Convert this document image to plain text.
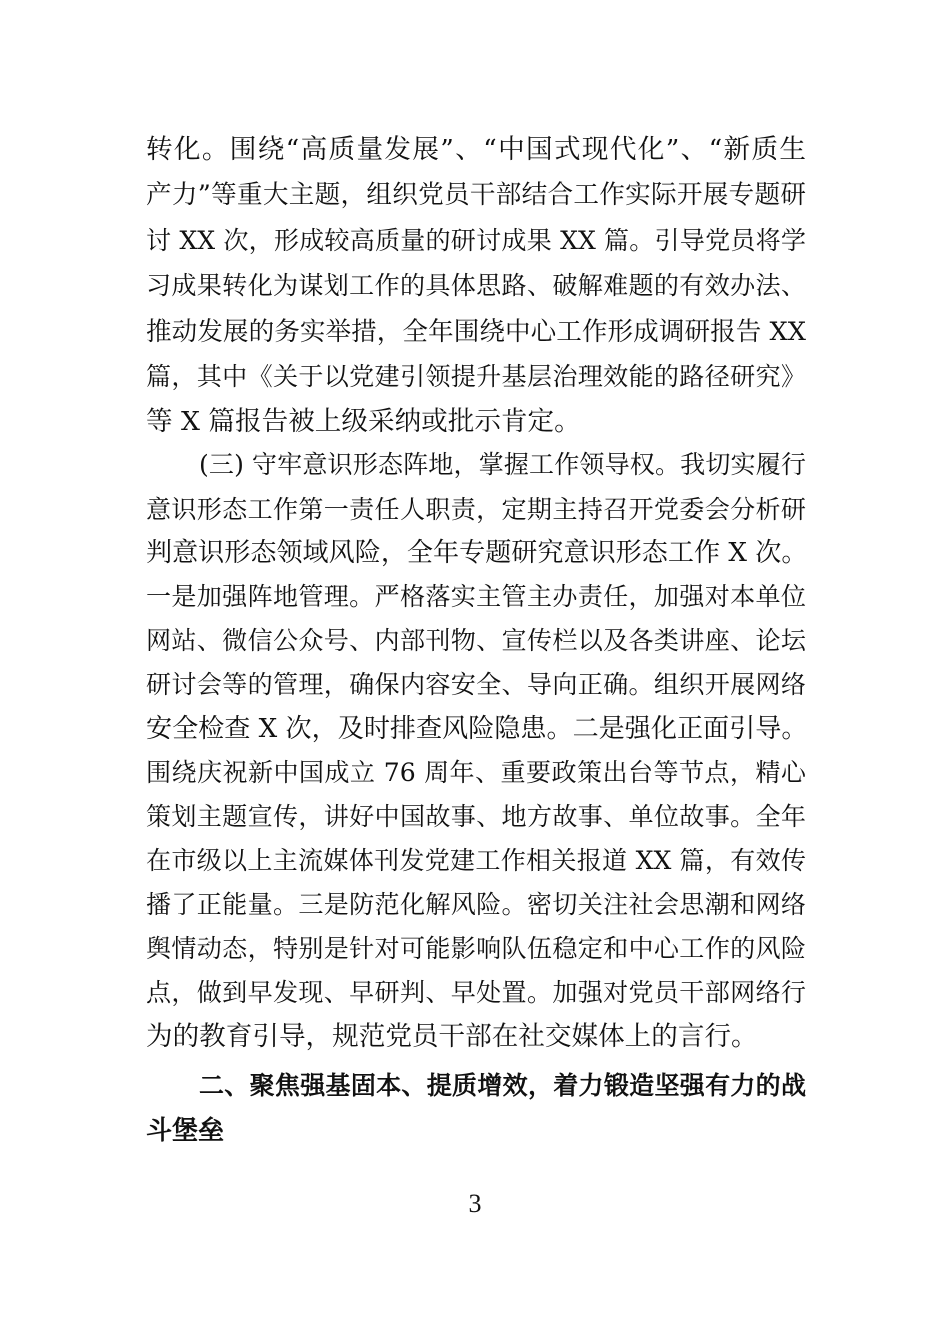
转化。围绕“高质量发展”、“中国式现代化”、“新质生
产力”等重大主题，组织党员干部结合工作实际开展专题研
讨 XX 次，形成较高质量的研讨成果 XX 篇。引导党员将学
习成果转化为谋划工作的具体思路、破解难题的有效办法、
推动发展的务实举措，全年围绕中心工作形成调研报告 XX
篇，其中《关于以党建引领提升基层治理效能的路径研究》
等 X 篇报告被上级采纳或批示肯定。
(三) 守牢意识形态阵地，掌握工作领导权。我切实履行
意识形态工作第一责任人职责，定期主持召开党委会分析研
判意识形态领域风险，全年专题研究意识形态工作 X 次。
一是加强阵地管理。严格落实主管主办责任，加强对本单位
网站、微信公众号、内部刊物、宣传栏以及各类讲座、论坛
研讨会等的管理，确保内容安全、导向正确。组织开展网络
安全检查 X 次，及时排查风险隐患。二是强化正面引导。
围绕庆祝新中国成立 76 周年、重要政策出台等节点，精心
策划主题宣传，讲好中国故事、地方故事、单位故事。全年
在市级以上主流媒体刊发党建工作相关报道 XX 篇，有效传
播了正能量。三是防范化解风险。密切关注社会思潮和网络
舆情动态，特别是针对可能影响队伍稳定和中心工作的风险
点，做到早发现、早研判、早处置。加强对党员干部网络行
为的教育引导，规范党员干部在社交媒体上的言行。
二、聚焦强基固本、提质增效，着力锻造坚强有力的战
斗堡垒
3
